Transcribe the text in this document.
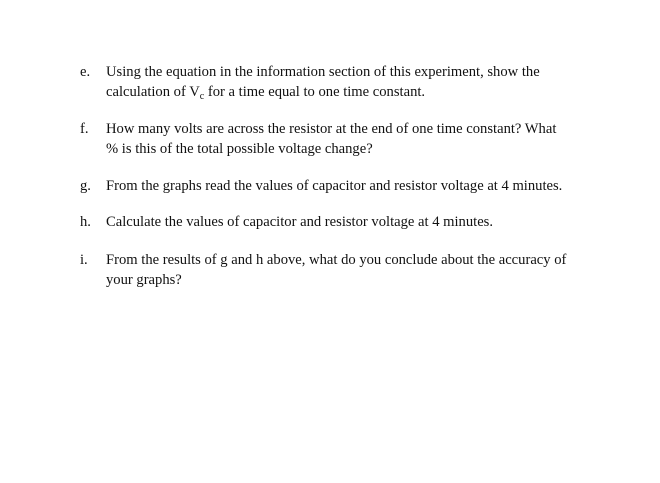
e. Using the equation in the information section of this experiment, show the
calculation of $V_c$ for a time equal to one time constant.
f. How many volts are across the resistor at the end of one time constant? What
% is this of the total possible voltage change?
g. From the graphs read the values of capacitor and resistor voltage at 4 minutes.
h. Calculate the values of capacitor and resistor voltage at 4 minutes.
i. From the results of g and h above, what do you conclude about the accuracy of
your graphs?
